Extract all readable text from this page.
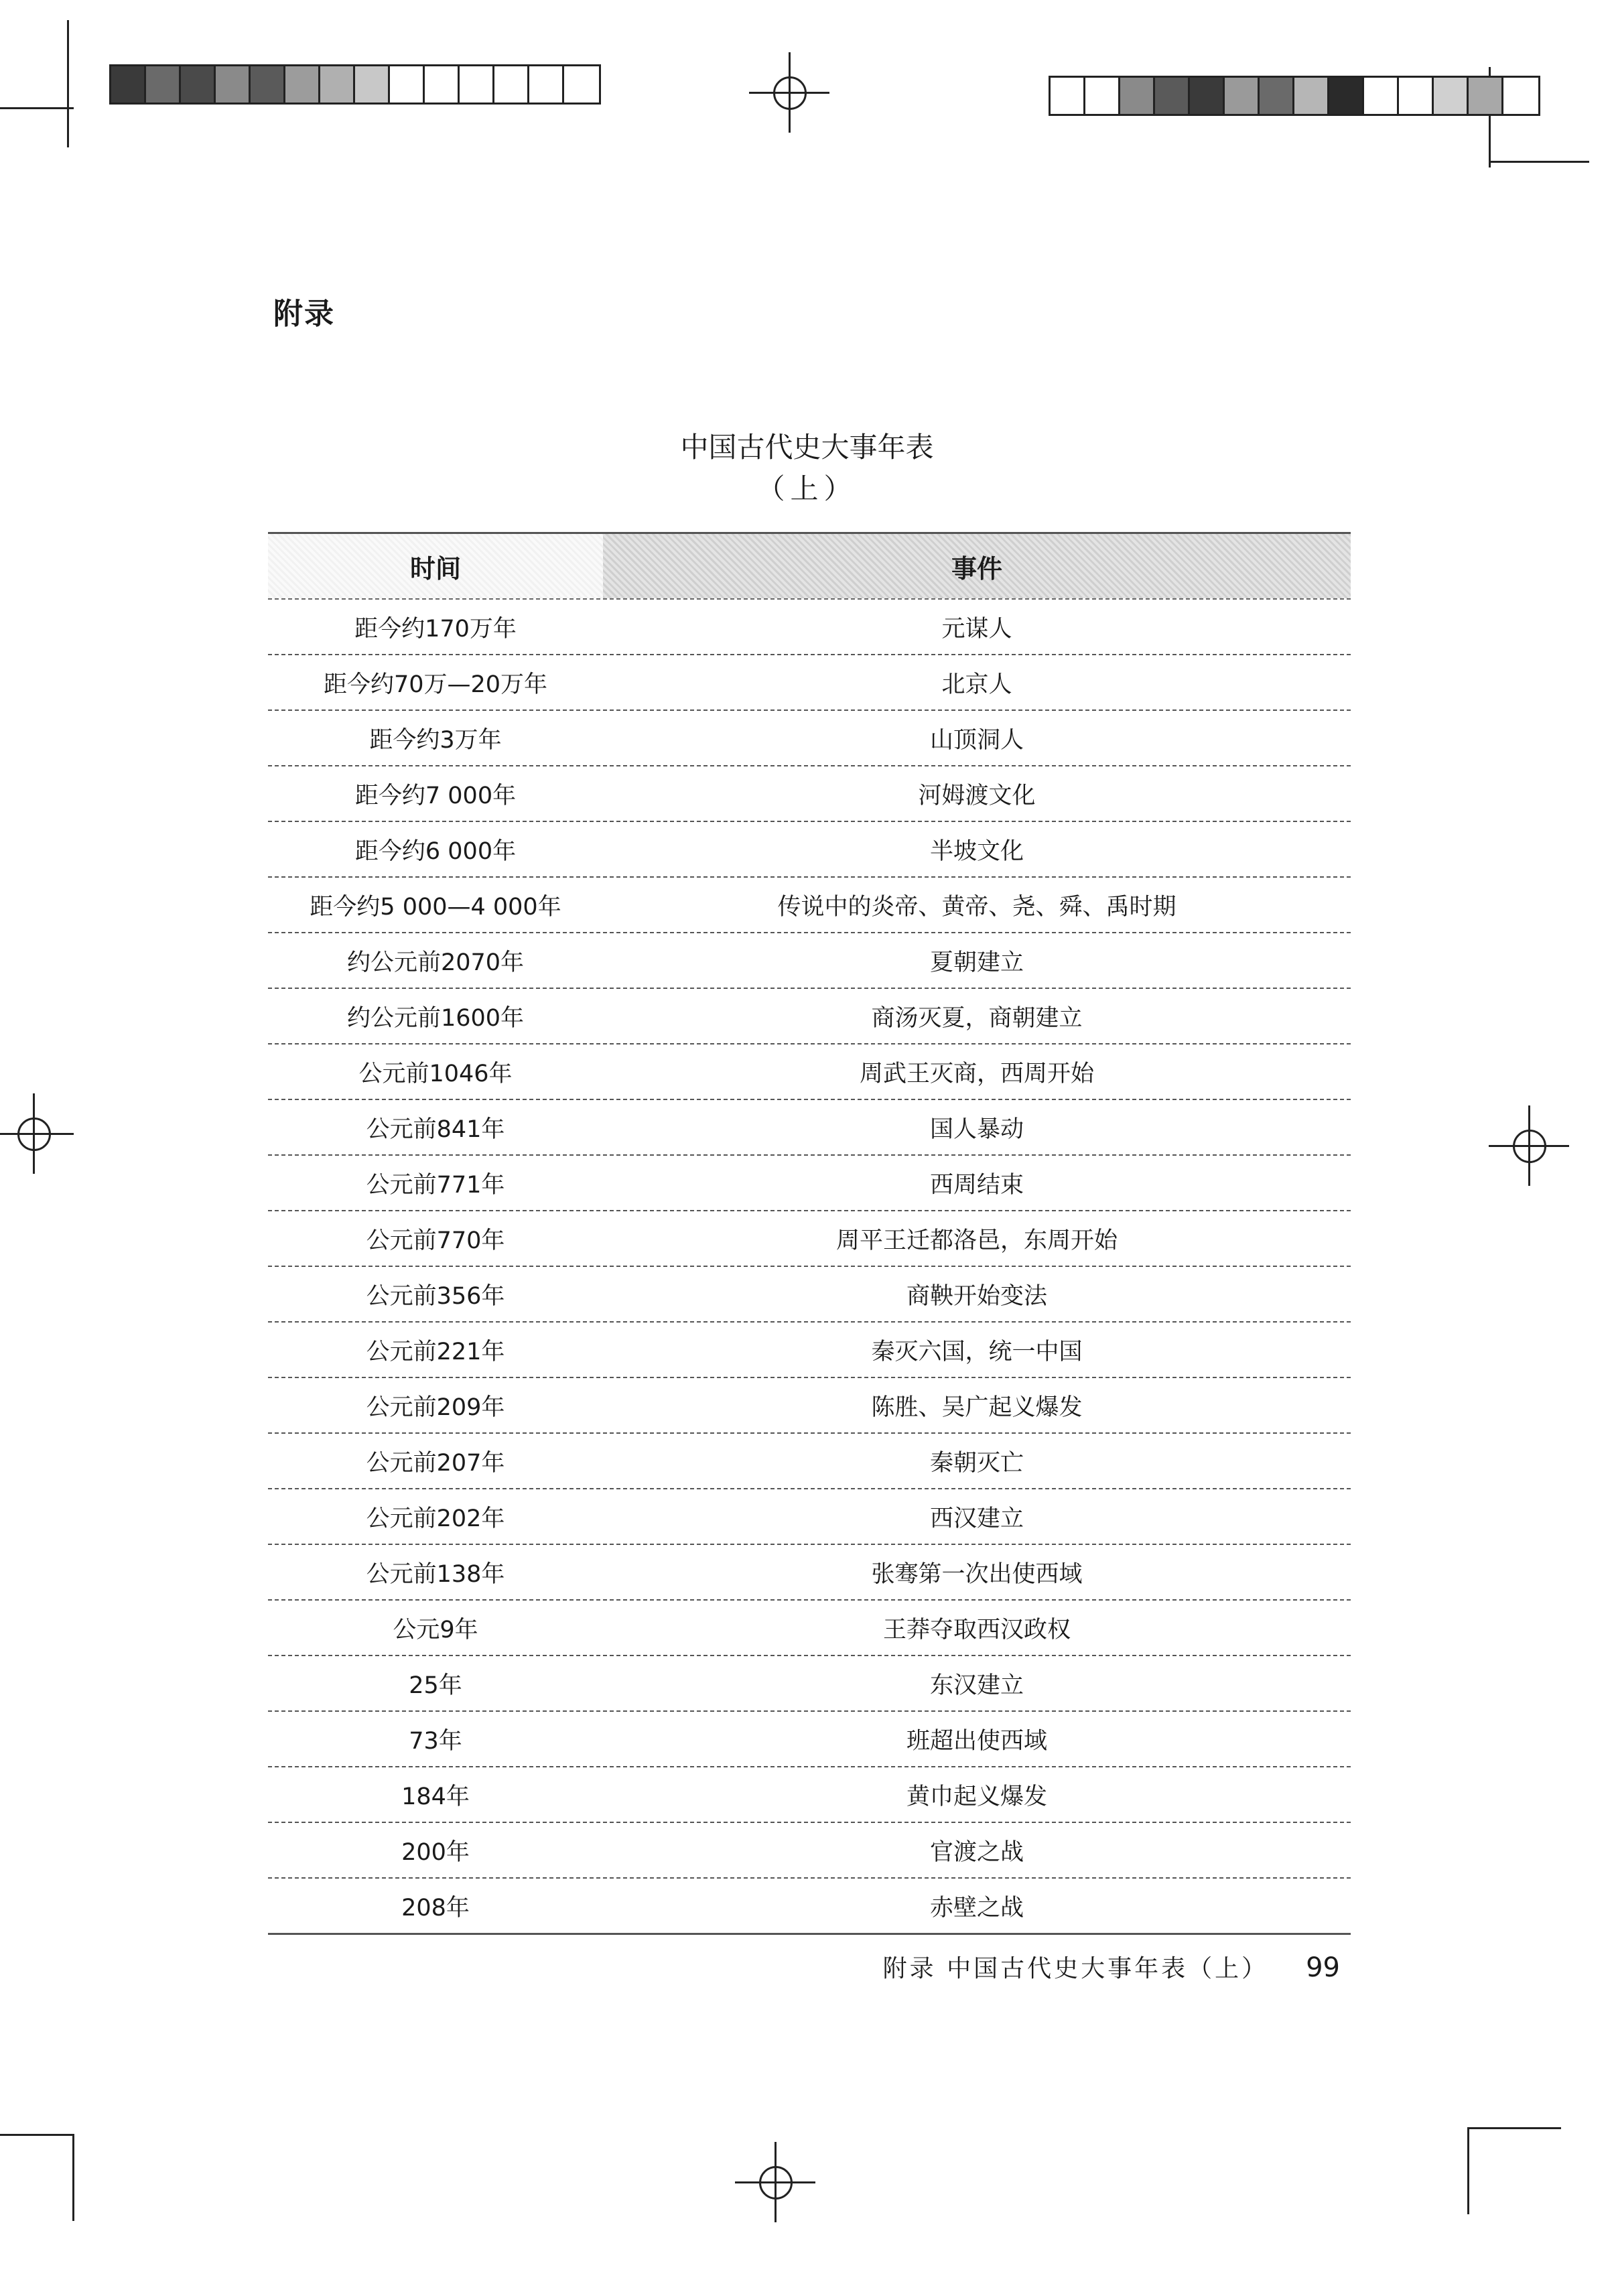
附录
中国古代史大事年表
（上）
时间	事件
距今约170万年	元谋人
距今约70万—20万年	北京人
距今约3万年	山顶洞人
距今约7 000年	河姆渡文化
距今约6 000年	半坡文化
距今约5 000—4 000年	传说中的炎帝、黄帝、尧、舜、禹时期
约公元前2070年	夏朝建立
约公元前1600年	商汤灭夏，商朝建立
公元前1046年	周武王灭商，西周开始
公元前841年	国人暴动
公元前771年	西周结束
公元前770年	周平王迁都洛邑，东周开始
公元前356年	商鞅开始变法
公元前221年	秦灭六国，统一中国
公元前209年	陈胜、吴广起义爆发
公元前207年	秦朝灭亡
公元前202年	西汉建立
公元前138年	张骞第一次出使西域
公元9年	王莽夺取西汉政权
25年	东汉建立
73年	班超出使西域
184年	黄巾起义爆发
200年	官渡之战
208年	赤壁之战
附录 中国古代史大事年表（上） 99
